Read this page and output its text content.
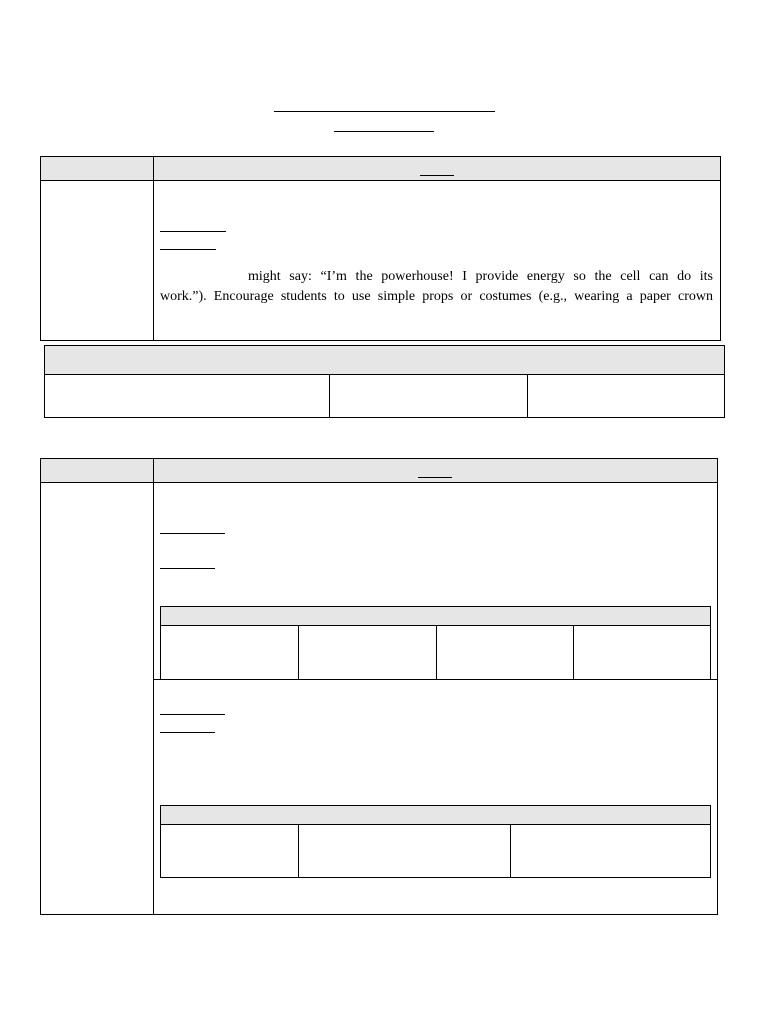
might say: “I’m the powerhouse! I provide energy so the cell can do its
work.”). Encourage students to use simple props or costumes (e.g., wearing a paper crown
